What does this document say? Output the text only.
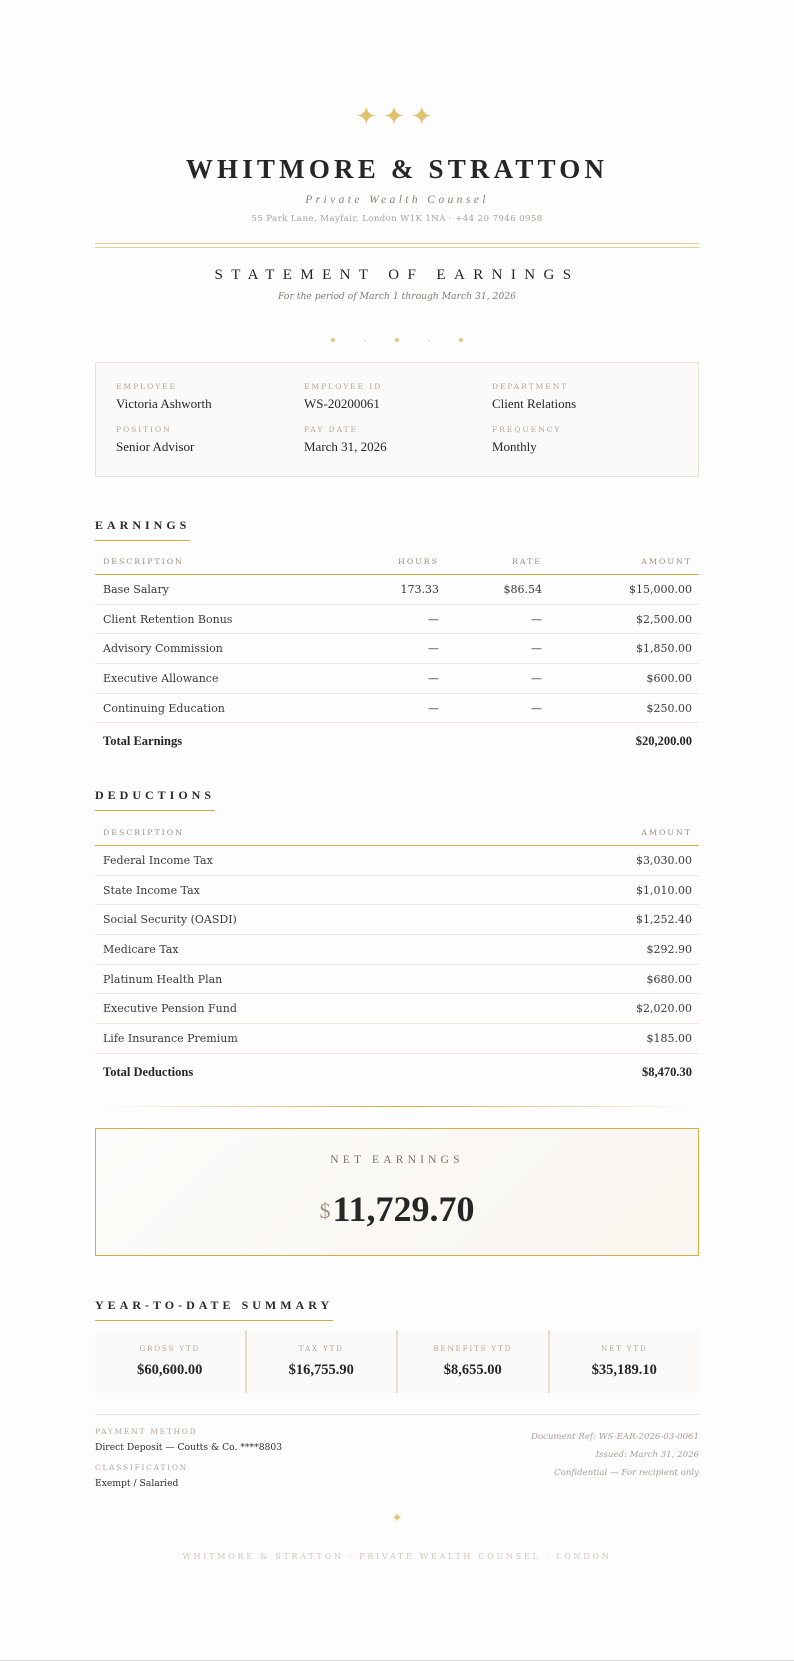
✦✦✦
WHITMORE & STRATTON
Private Wealth Counsel
55 Park Lane, Mayfair, London W1K 1NA · +44 20 7946 0958
STATEMENT OF EARNINGS
For the period of March 1 through March 31, 2026
EMPLOYEE
Victoria Ashworth
EMPLOYEE ID
WS-20200061
DEPARTMENT
Client Relations
POSITION
Senior Advisor
PAY DATE
March 31, 2026
FREQUENCY
Monthly
EARNINGS
DESCRIPTION	HOURS	RATE	AMOUNT
Base Salary	173.33	$86.54	$15,000.00
Client Retention Bonus	—	—	$2,500.00
Advisory Commission	—	—	$1,850.00
Executive Allowance	—	—	$600.00
Continuing Education	—	—	$250.00
Total Earnings	$20,200.00
DEDUCTIONS
DESCRIPTION	AMOUNT
Federal Income Tax	$3,030.00
State Income Tax	$1,010.00
Social Security (OASDI)	$1,252.40
Medicare Tax	$292.90
Platinum Health Plan	$680.00
Executive Pension Fund	$2,020.00
Life Insurance Premium	$185.00
Total Deductions	$8,470.30
NET EARNINGS
$11,729.70
YEAR-TO-DATE SUMMARY
GROSS YTD
$60,600.00
TAX YTD
$16,755.90
BENEFITS YTD
$8,655.00
NET YTD
$35,189.10
PAYMENT METHOD
Direct Deposit — Coutts & Co. ****8803
CLASSIFICATION
Exempt / Salaried
Document Ref: WS-EAR-2026-03-0061
Issued: March 31, 2026
Confidential — For recipient only
✦
WHITMORE & STRATTON · PRIVATE WEALTH COUNSEL · LONDON
